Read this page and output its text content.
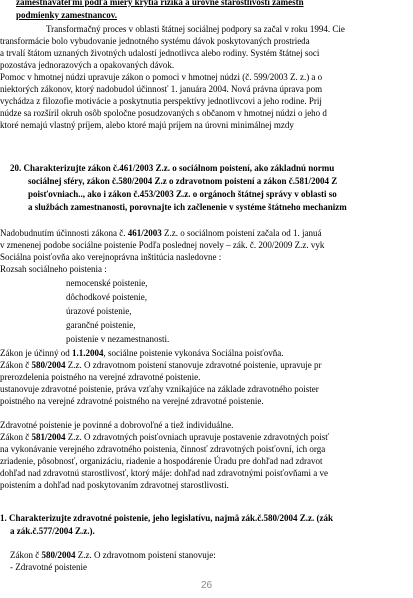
zamestnávateľmi podľa miery krytia rizika a úrovne starostlivosti zamestn
podmienky zamestnancov.
Transformačný proces v oblasti štátnej sociálnej podpory sa začal v roku 1994. Cie
transformácie bolo vybudovanie jednotného systému dávok poskytovaných prostrieda
a trvalí štátom uznaných životných udalostí jednotlivca alebo rodiny. Systém štátnej soci
pozostáva jednorazových a opakovaných dávok.
Pomoc v hmotnej núdzi upravuje zákon o pomoci v hmotnej núdzi (č. 599/2003 Z. z.) a o
niektorých zákonov, ktorý nadobudol účinnosť 1. januára 2004. Nová právna úprava pom
vychádza z filozofie motivácie a poskytnutia perspektívy jednotlivcovi a jeho rodine. Prij
núdze sa rozšíril okruh osôb spoločne posudzovaných s občanom v hmotnej núdzi o jeho d
ktoré nemajú vlastný príjem, alebo ktoré majú príjem na úrovni minimálnej mzdy
20. Charakterizujte zákon č.461/2003 Z.z. o sociálnom poistení, ako základnú normu
sociálnej sféry, zákon č.580/2004 Z.z o zdravotnom poistení a zákon č.581/2004 Z
poisťovniach.., ako i zákon č.453/2003 Z.z. o orgánoch štátnej správy v oblasti so
a službách zamestnanosti, porovnajte ich začlenenie v systéme štátneho mechanizm
Nadobudnutím účinnosti zákona č. 461/2003 Z.z. o sociálnom poistení začala od 1. januá
v zmenenej podobe sociálne poistenie Podľa poslednej novely – zák. č. 200/2009 Z.z. vyk
Sociálna poisťovňa ako verejnoprávna inštitúcia nasledovne :
Rozsah sociálneho poistenia :
nemocenské poistenie,
dôchodkové poistenie,
úrazové poistenie,
garančné poistenie,
poistenie v nezamestnanosti.
Zákon je účinný od 1.1.2004, sociálne poistenie vykonáva Sociálna poisťovňa.
Zákon č 580/2004 Z.z. O zdravotnom poistení stanovuje zdravotné poistenie, upravuje pr
prerozdelenia poistného na verejné zdravotné poistenie.
ustanovuje zdravotné poistenie, práva vzťahy vznikajúce na základe zdravotného poister
poistného na verejné zdravotné poistného na verejné zdravotné poistenie.
Zdravotné poistenie je povinné a dobrovoľné a tiež individuálne.
Zákon č 581/2004 Z.z. O zdravotných poisťovniach upravuje postavenie zdravotných poisť
na vykonávanie verejného zdravotného poistenia, činnosť zdravotných poisťovní, ich orga
zriadenie, pôsobnosť, organizáciu, riadenie a hospodárenie Úradu pre dohľad nad zdravot
dohľad nad zdravotnú starostlivosť, ktorý máje: dohľad nad zdravotnými poisťovňami a ve
poistením a dohľad nad poskytovaním zdravotnej starostlivosti.
1. Charakterizujte zdravotné poistenie, jeho legislatívu, najmä zák.č.580/2004 Z.z. (zák
a zák.č.577/2004 Z.z.).
Zákon č 580/2004 Z.z. O zdravotnom poistení stanovuje:
- Zdravotné poistenie
26
